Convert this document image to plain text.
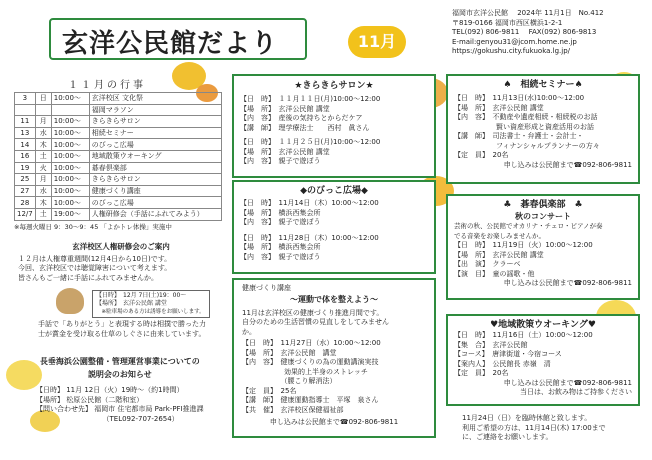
玄洋公民館だより	11月
福岡市玄洋公民館　 2024年 11月1日　No.412
〒819-0166 福岡市西区横浜1-2-1
TEL(092) 806-9811　 FAX(092) 806-9813
E-mail:genyou31@jcom.home.ne.jp
https://gokushu.city.fukuoka.lg.jp/
１１月の行事
3	日	10:00～	玄洋校区 文化祭
			福岡マラソン
11	月	10:00～	きらきらサロン
13	水	10:00～	相続セミナー
14	木	10:00～	のびっこ広場
16	土	10:00～	地域散策ウオーキング
19	火	10:00～	碁春倶楽部
25	月	10:00～	きらきらサロン
27	水	10:00～	健康づくり講座
28	木	10:00～	のびっこ広場
12/7	土	19:00～	人権研修会（手話にふれてみよう）
※毎週火曜日 9：30～9：45 「よかトレ体操」実施中
玄洋校区人権研修会のご案内
１２月は人権尊重週間(12月4日から10日)です。
今回、玄洋校区では聴覚障害について考えます。
皆さんもご一緒に手話にふれてみませんか。
【日時】　12月 7日(土)19：00～
【場所】　玄洋公民館 講堂
　※駐車場のある方は誘導をお願いします。
手話で「ありがとう」と表現する時は相撲で勝った力
士が賞金を受け取る仕草のしぐさに由来しています。
長垂海浜公園整備・管理運営事業についての
説明会のお知らせ
【日時】 11月 12日（火）19時～（約1時間）
【場所】 松原公民館（二階和室）
【問い合わせ先】 福岡市 住宅都市局 Park-PFI推進課
　　　　　　　　　　（TEL092-707-2654）
★きらきらサロン★
【日　時】　１１月１１日(月)10:00～12:00
【場　所】　玄洋公民館 講堂
【内　容】　産後の気持ちとからだケア
【講　師】　理学療法士　　西村　眞さん
【日　時】　１１月２５日(月)10:00～12:00
【場　所】　玄洋公民館 講堂
【内　容】　親子で遊ぼう
◆のびっこ広場◆
【日　時】　11月14日（木）10:00～12:00
【場　所】　横浜西集会所
【内　容】　親子で遊ぼう
【日　時】　11月28日（木）10:00～12:00
【場　所】　横浜西集会所
【内　容】　親子で遊ぼう
健康づくり講座
～運動で体を整えよう～
11月は玄洋校区の健康づくり推進月間です。
自分のための生活習慣の見直しをしてみません
か。
【日　時】　11月27日（水）10:00～12:00
【場　所】　玄洋公民館　講堂
【内　容】　健康づくりの為の運動講演実技
　　　　　　効果的上半身のストレッチ
　　　　　　（腰こり解消法）
【定　員】　25名
【講　師】　健康運動指導士　平塚　泉さん
【共　催】　玄洋校区保健福祉部
申し込みは公民館まで☎092-806-9811
♠　相続セミナー♠
【日　時】　11月13日(水)10:00～12:00
【場　所】　玄洋公民館 講堂
【内　容】　不動産や遺産相続・相続税のお話
　　　　　　賢い資産形成と資産活用のお話
【講　師】　司法書士・弁護士・会計士・
　　　　　　フィナンシャルプランナーの方々
【定　員】　20名
申し込みは公民館まで☎092-806-9811
♣　碁春倶楽部　♣
秋のコンサート
芸術の秋、公民館でオカリナ・チェロ・ピアノが奏
でる音楽をお楽しみませんか。
【日　時】　11月19日（火）10:00～12:00
【場　所】　玄洋公民館 講堂
【出　演】　クラーベ
【演　目】　童の謡歌・他
申し込みは公民館まで☎092-806-9811
♥地域散策ウオーキング♥
【日　時】　11月16日（土）10:00～12:00
【集　合】　玄洋公民館
【コース】　唐津街道・今宿コース
【案内人】　公民館長 赤嶺　清
【定　員】　20名
申し込みは公民館まで☎092-806-9811
当日は、お飲み物はご持参ください
11月24日（日）を臨時休館と致します。
利用ご希望の方は、11月14日(木) 17:00まで
に、ご連絡をお願いします。
